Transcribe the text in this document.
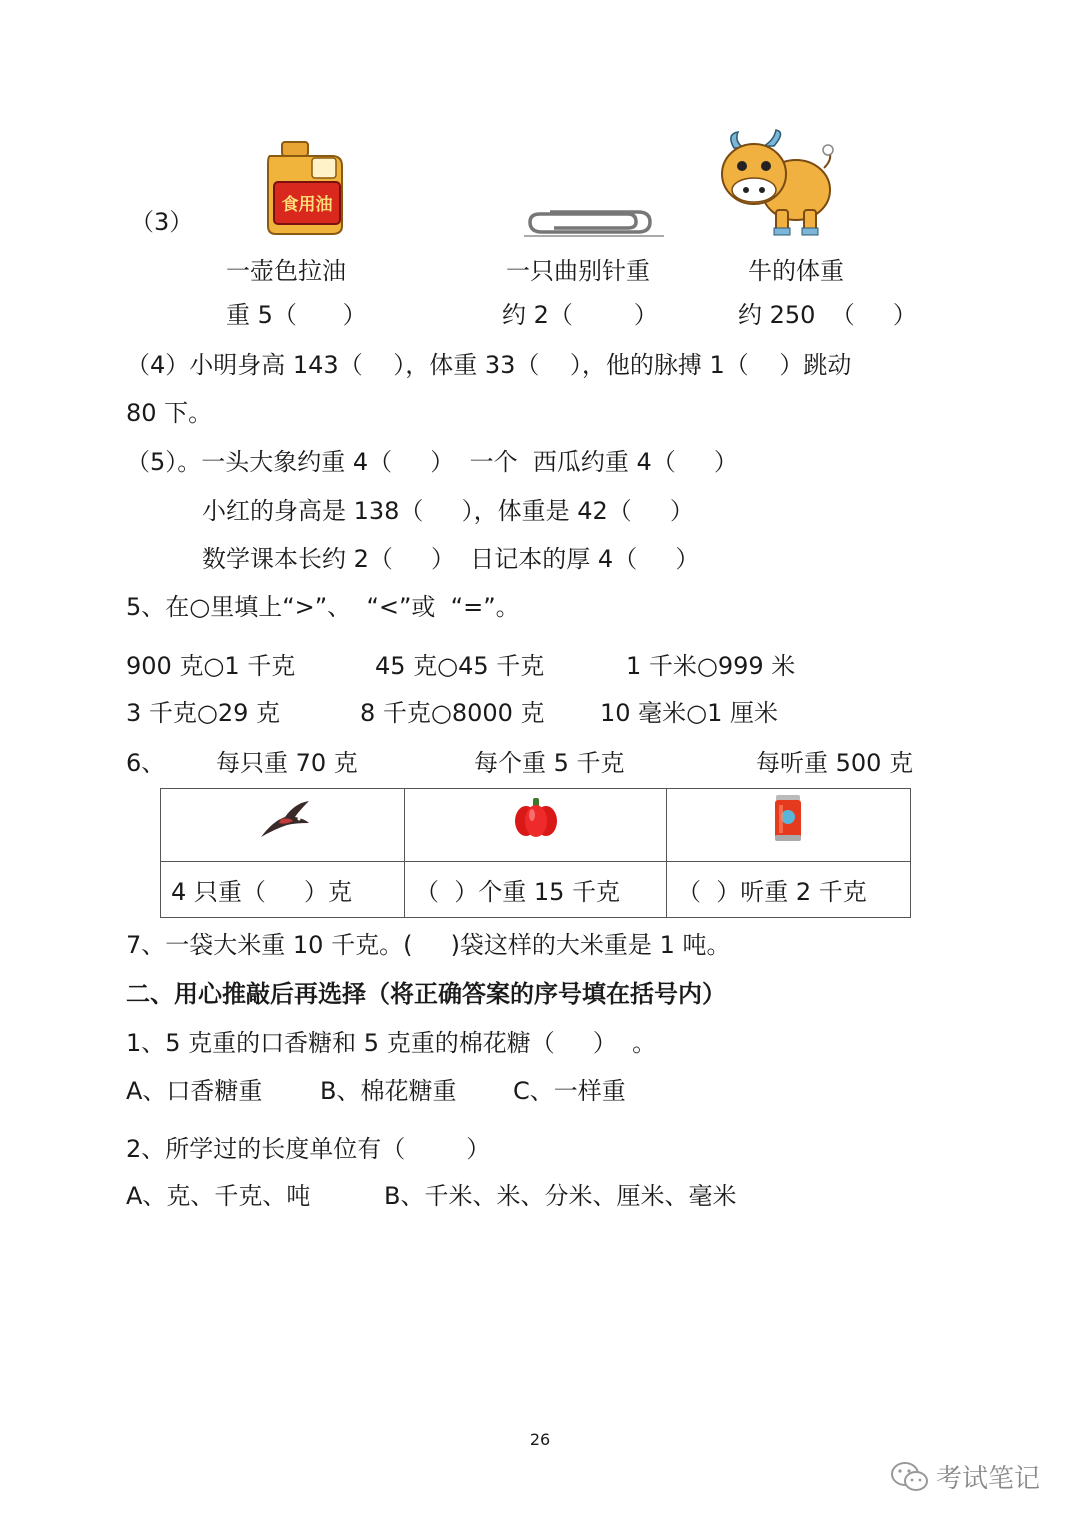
（3）
食用油
一壶色拉油
重 5（      ）
一只曲别针重
约 2（        ）
牛的体重
约 250  （     ）
（4）小明身高 143（    ），体重 33（    ），他的脉搏 1（    ）跳动
80 下。
（5）。一头大象约重 4（     ）  一个  西瓜约重 4（     ）
小红的身高是 138（     ），体重是 42（     ）
数学课本长约 2（     ）  日记本的厚 4（     ）
5、在○里填上“>”、  “<”或  “=”。
900 克○1 千克	45 克○45 千克	1 千米○999 米
3 千克○29 克	8 千克○8000 克 10 毫米○1 厘米
6、 每只重 70 克	每个重 5 千克	每听重 500 克

4 只重（     ）克	（  ）个重 15 千克	（  ）听重 2 千克
7、一袋大米重 10 千克。(     )袋这样的大米重是 1 吨。
二、用心推敲后再选择（将正确答案的序号填在括号内）
1、5 克重的口香糖和 5 克重的棉花糖（     ）  。
A、口香糖重 B、棉花糖重 C、一样重
2、所学过的长度单位有（        ）
A、克、千克、吨	B、千米、米、分米、厘米、毫米
26
考试笔记
